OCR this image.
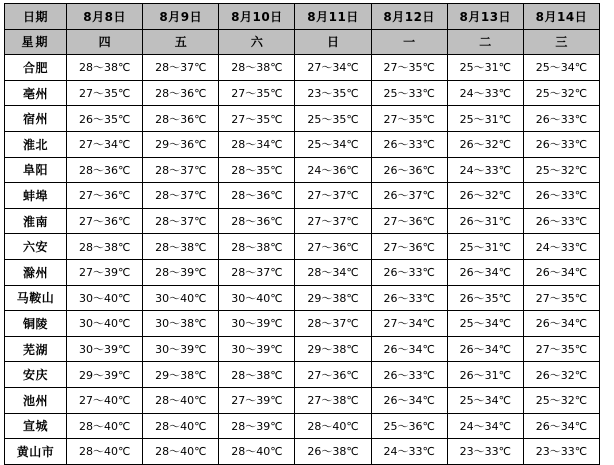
日期	8月8日	8月9日	8月10日	8月11日	8月12日	8月13日	8月14日
星期	四	五	六	日	一	二	三
合肥	28～38℃	28～37℃	28～38℃	27～34℃	27～35℃	25～31℃	25～34℃
亳州	27～35℃	28～36℃	27～35℃	23～35℃	25～33℃	24～33℃	25～32℃
宿州	26～35℃	28～36℃	27～35℃	25～35℃	27～35℃	25～31℃	26～33℃
淮北	27～34℃	29～36℃	28～34℃	25～34℃	26～33℃	26～32℃	26～33℃
阜阳	28～36℃	28～37℃	28～35℃	24～36℃	26～36℃	24～33℃	25～32℃
蚌埠	27～36℃	28～37℃	28～36℃	27～37℃	26～37℃	26～32℃	26～33℃
淮南	27～36℃	28～37℃	28～36℃	27～37℃	27～36℃	26～31℃	26～33℃
六安	28～38℃	28～38℃	28～38℃	27～36℃	27～36℃	25～31℃	24～33℃
滁州	27～39℃	28～39℃	28～37℃	28～34℃	26～33℃	26～34℃	26～34℃
马鞍山	30～40℃	30～40℃	30～40℃	29～38℃	26～33℃	26～35℃	27～35℃
铜陵	30～40℃	30～38℃	30～39℃	28～37℃	27～34℃	25～34℃	26～34℃
芜湖	30～39℃	30～39℃	30～39℃	29～38℃	26～34℃	26～34℃	27～35℃
安庆	29～39℃	29～38℃	28～38℃	27～36℃	26～33℃	26～31℃	26～32℃
池州	27～40℃	28～40℃	27～39℃	27～38℃	26～34℃	25～34℃	25～32℃
宣城	28～40℃	28～40℃	28～39℃	28～40℃	25～36℃	24～34℃	26～34℃
黄山市	28～40℃	28～40℃	28～40℃	26～38℃	24～33℃	23～33℃	23～33℃
